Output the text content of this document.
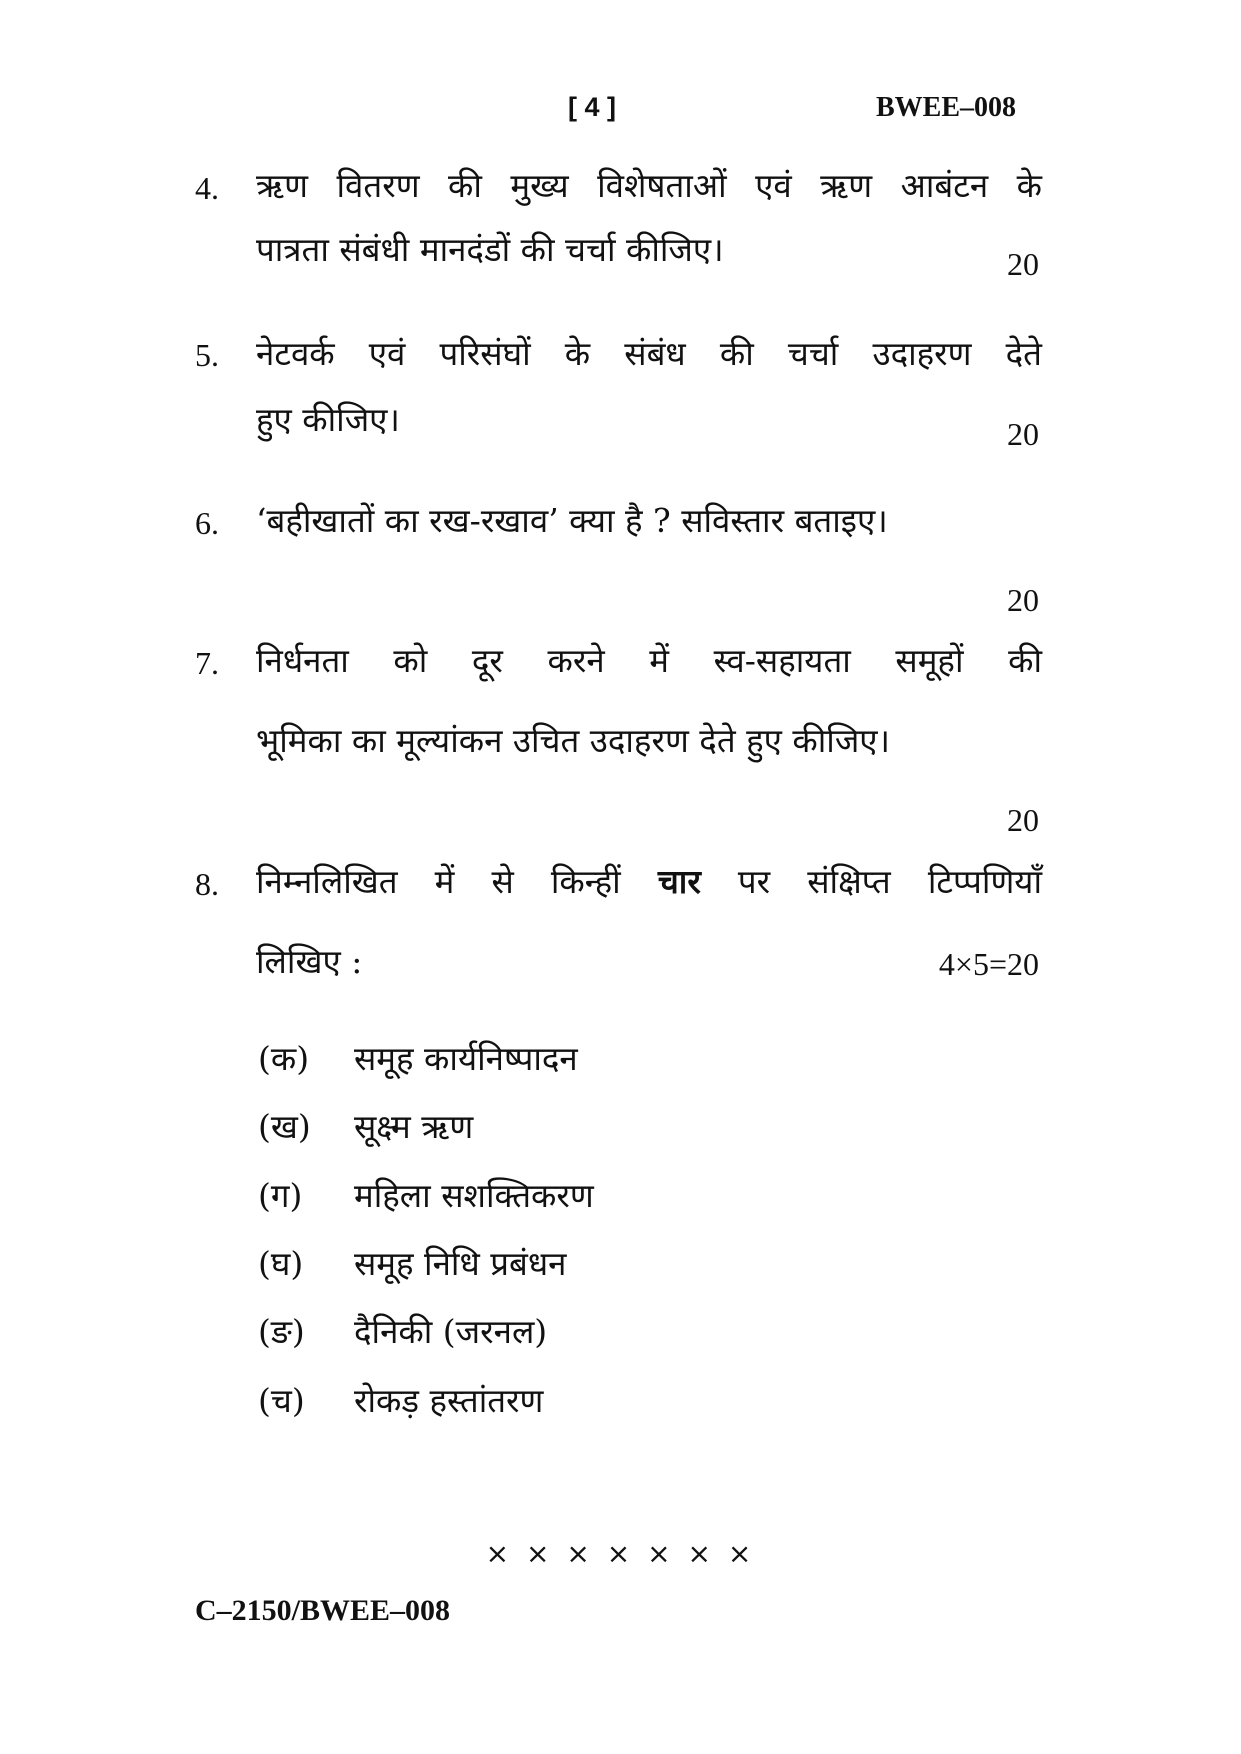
[ 4 ]	BWEE–008
4. ऋण वितरण की मुख्य विशेषताओं एवं ऋण आबंटन के
पात्रता संबंधी मानदंडों की चर्चा कीजिए।	20
5. नेटवर्क एवं परिसंघों के संबंध की चर्चा उदाहरण देते
हुए कीजिए।	20
6. ‘बहीखातों का रख-रखाव’ क्या है ? सविस्तार बताइए।
20
7. निर्धनता को दूर करने में स्व-सहायता समूहों की
भूमिका का मूल्यांकन उचित उदाहरण देते हुए कीजिए।
20
8. निम्नलिखित में से किन्हीं चार पर संक्षिप्त टिप्पणियाँ
लिखिए :	4×5=20
(क) समूह कार्यनिष्पादन
(ख) सूक्ष्म ऋण
(ग) महिला सशक्तिकरण
(घ) समूह निधि प्रबंधन
(ङ) दैनिकी (जरनल)
(च) रोकड़ हस्तांतरण
× × × × × × ×
C–2150/BWEE–008
